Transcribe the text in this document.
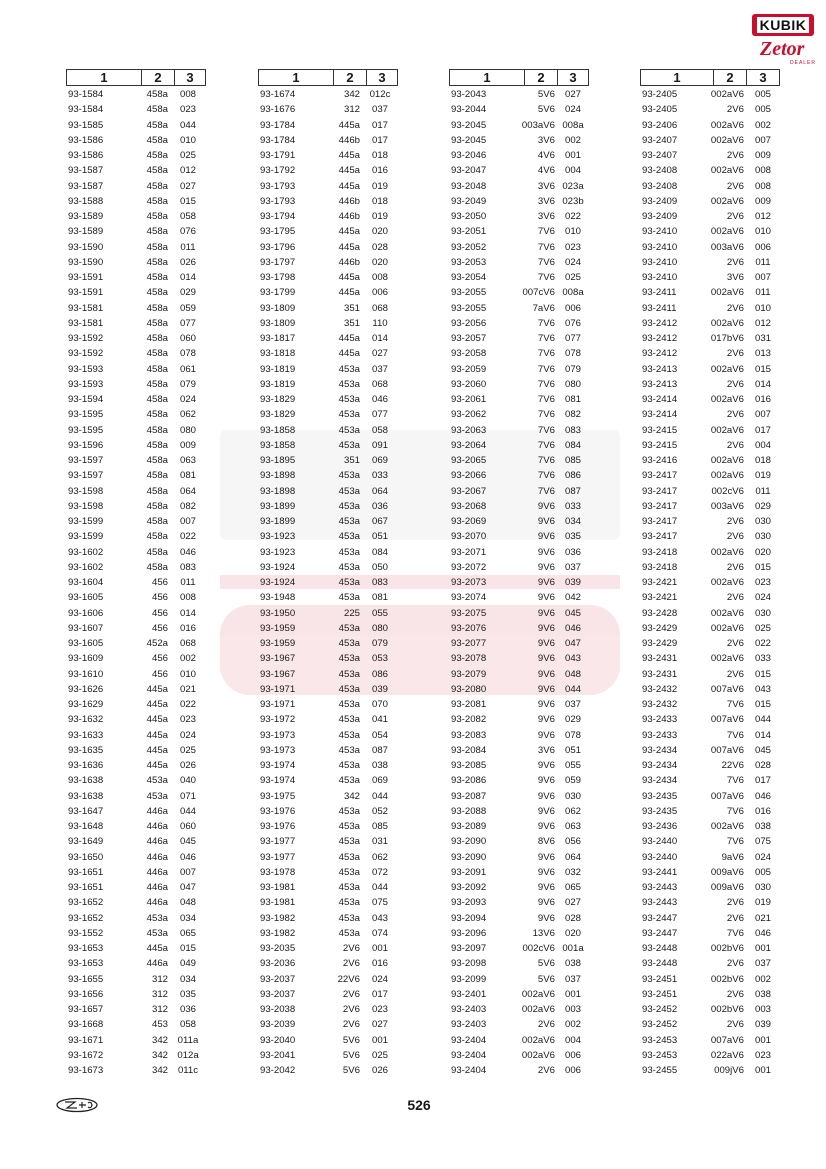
KUBIK
Zetor
DEALER
1	2	3
93-1584	458a	008
93-1584	458a	023
93-1585	458a	044
93-1586	458a	010
93-1586	458a	025
93-1587	458a	012
93-1587	458a	027
93-1588	458a	015
93-1589	458a	058
93-1589	458a	076
93-1590	458a	011
93-1590	458a	026
93-1591	458a	014
93-1591	458a	029
93-1581	458a	059
93-1581	458a	077
93-1592	458a	060
93-1592	458a	078
93-1593	458a	061
93-1593	458a	079
93-1594	458a	024
93-1595	458a	062
93-1595	458a	080
93-1596	458a	009
93-1597	458a	063
93-1597	458a	081
93-1598	458a	064
93-1598	458a	082
93-1599	458a	007
93-1599	458a	022
93-1602	458a	046
93-1602	458a	083
93-1604	456	011
93-1605	456	008
93-1606	456	014
93-1607	456	016
93-1605	452a	068
93-1609	456	002
93-1610	456	010
93-1626	445a	021
93-1629	445a	022
93-1632	445a	023
93-1633	445a	024
93-1635	445a	025
93-1636	445a	026
93-1638	453a	040
93-1638	453a	071
93-1647	446a	044
93-1648	446a	060
93-1649	446a	045
93-1650	446a	046
93-1651	446a	007
93-1651	446a	047
93-1652	446a	048
93-1652	453a	034
93-1552	453a	065
93-1653	445a	015
93-1653	446a	049
93-1655	312	034
93-1656	312	035
93-1657	312	036
93-1668	453	058
93-1671	342	011a
93-1672	342 012a
93-1673	342	011c
1	2	3
93-1674	342 012c
93-1676	312	037
93-1784	445a	017
93-1784	446b	017
93-1791	445a	018
93-1792	445a	016
93-1793	445a	019
93-1793	446b	018
93-1794	446b	019
93-1795	445a	020
93-1796	445a	028
93-1797	446b	020
93-1798	445a	008
93-1799	445a	006
93-1809	351	068
93-1809	351	110
93-1817	445a	014
93-1818	445a	027
93-1819	453a	037
93-1819	453a	068
93-1829	453a	046
93-1829	453a	077
93-1858	453a	058
93-1858	453a	091
93-1895	351	069
93-1898	453a	033
93-1898	453a	064
93-1899	453a	036
93-1899	453a	067
93-1923	453a	051
93-1923	453a	084
93-1924	453a	050
93-1924	453a	083
93-1948	453a	081
93-1950	225	055
93-1959	453a	080
93-1959	453a	079
93-1967	453a	053
93-1967	453a	086
93-1971	453a	039
93-1971	453a	070
93-1972	453a	041
93-1973	453a	054
93-1973	453a	087
93-1974	453a	038
93-1974	453a	069
93-1975	342	044
93-1976	453a	052
93-1976	453a	085
93-1977	453a	031
93-1977	453a	062
93-1978	453a	072
93-1981	453a	044
93-1981	453a	075
93-1982	453a	043
93-1982	453a	074
93-2035	2V6	001
93-2036	2V6	016
93-2037	22V6	024
93-2037	2V6	017
93-2038	2V6	023
93-2039	2V6	027
93-2040	5V6	001
93-2041	5V6	025
93-2042	5V6	026
1	2	3
93-2043	5V6	027
93-2044	5V6	024
93-2045	003aV6 008a
93-2045	3V6	002
93-2046	4V6	001
93-2047	4V6	004
93-2048	3V6 023a
93-2049	3V6 023b
93-2050	3V6	022
93-2051	7V6	010
93-2052	7V6	023
93-2053	7V6	024
93-2054	7V6	025
93-2055	007cV6 008a
93-2055	7aV6	006
93-2056	7V6	076
93-2057	7V6	077
93-2058	7V6	078
93-2059	7V6	079
93-2060	7V6	080
93-2061	7V6	081
93-2062	7V6	082
93-2063	7V6	083
93-2064	7V6	084
93-2065	7V6	085
93-2066	7V6	086
93-2067	7V6	087
93-2068	9V6	033
93-2069	9V6	034
93-2070	9V6	035
93-2071	9V6	036
93-2072	9V6	037
93-2073	9V6	039
93-2074	9V6	042
93-2075	9V6	045
93-2076	9V6	046
93-2077	9V6	047
93-2078	9V6	043
93-2079	9V6	048
93-2080	9V6	044
93-2081	9V6	037
93-2082	9V6	029
93-2083	9V6	078
93-2084	3V6	051
93-2085	9V6	055
93-2086	9V6	059
93-2087	9V6	030
93-2088	9V6	062
93-2089	9V6	063
93-2090	8V6	056
93-2090	9V6	064
93-2091	9V6	032
93-2092	9V6	065
93-2093	9V6	027
93-2094	9V6	028
93-2096	13V6	020
93-2097	002cV6 001a
93-2098	5V6	038
93-2099	5V6	037
93-2401	002aV6	001
93-2403	002aV6	003
93-2403	2V6	002
93-2404	002aV6	004
93-2404	002aV6	006
93-2404	2V6	006
1	2	3
93-2405	002aV6	005
93-2405	2V6	005
93-2406	002aV6	002
93-2407	002aV6	007
93-2407	2V6	009
93-2408	002aV6	008
93-2408	2V6	008
93-2409	002aV6	009
93-2409	2V6	012
93-2410	002aV6	010
93-2410	003aV6	006
93-2410	2V6	011
93-2410	3V6	007
93-2411	002aV6	011
93-2411	2V6	010
93-2412	002aV6	012
93-2412	017bV6	031
93-2412	2V6	013
93-2413	002aV6	015
93-2413	2V6	014
93-2414	002aV6	016
93-2414	2V6	007
93-2415	002aV6	017
93-2415	2V6	004
93-2416	002aV6	018
93-2417	002aV6	019
93-2417	002cV6	011
93-2417	003aV6	029
93-2417	2V6	030
93-2417	2V6	030
93-2418	002aV6	020
93-2418	2V6	015
93-2421	002aV6	023
93-2421	2V6	024
93-2428	002aV6	030
93-2429	002aV6	025
93-2429	2V6	022
93-2431	002aV6	033
93-2431	2V6	015
93-2432	007aV6	043
93-2432	7V6	015
93-2433	007aV6	044
93-2433	7V6	014
93-2434	007aV6	045
93-2434	22V6	028
93-2434	7V6	017
93-2435	007aV6	046
93-2435	7V6	016
93-2436	002aV6	038
93-2440	7V6	075
93-2440	9aV6	024
93-2441	009aV6	005
93-2443	009aV6	030
93-2443	2V6	019
93-2447	2V6	021
93-2447	7V6	046
93-2448	002bV6	001
93-2448	2V6	037
93-2451	002bV6	002
93-2451	2V6	038
93-2452	002bV6	003
93-2452	2V6	039
93-2453	007aV6	001
93-2453	022aV6	023
93-2455	009jV6	001
526
